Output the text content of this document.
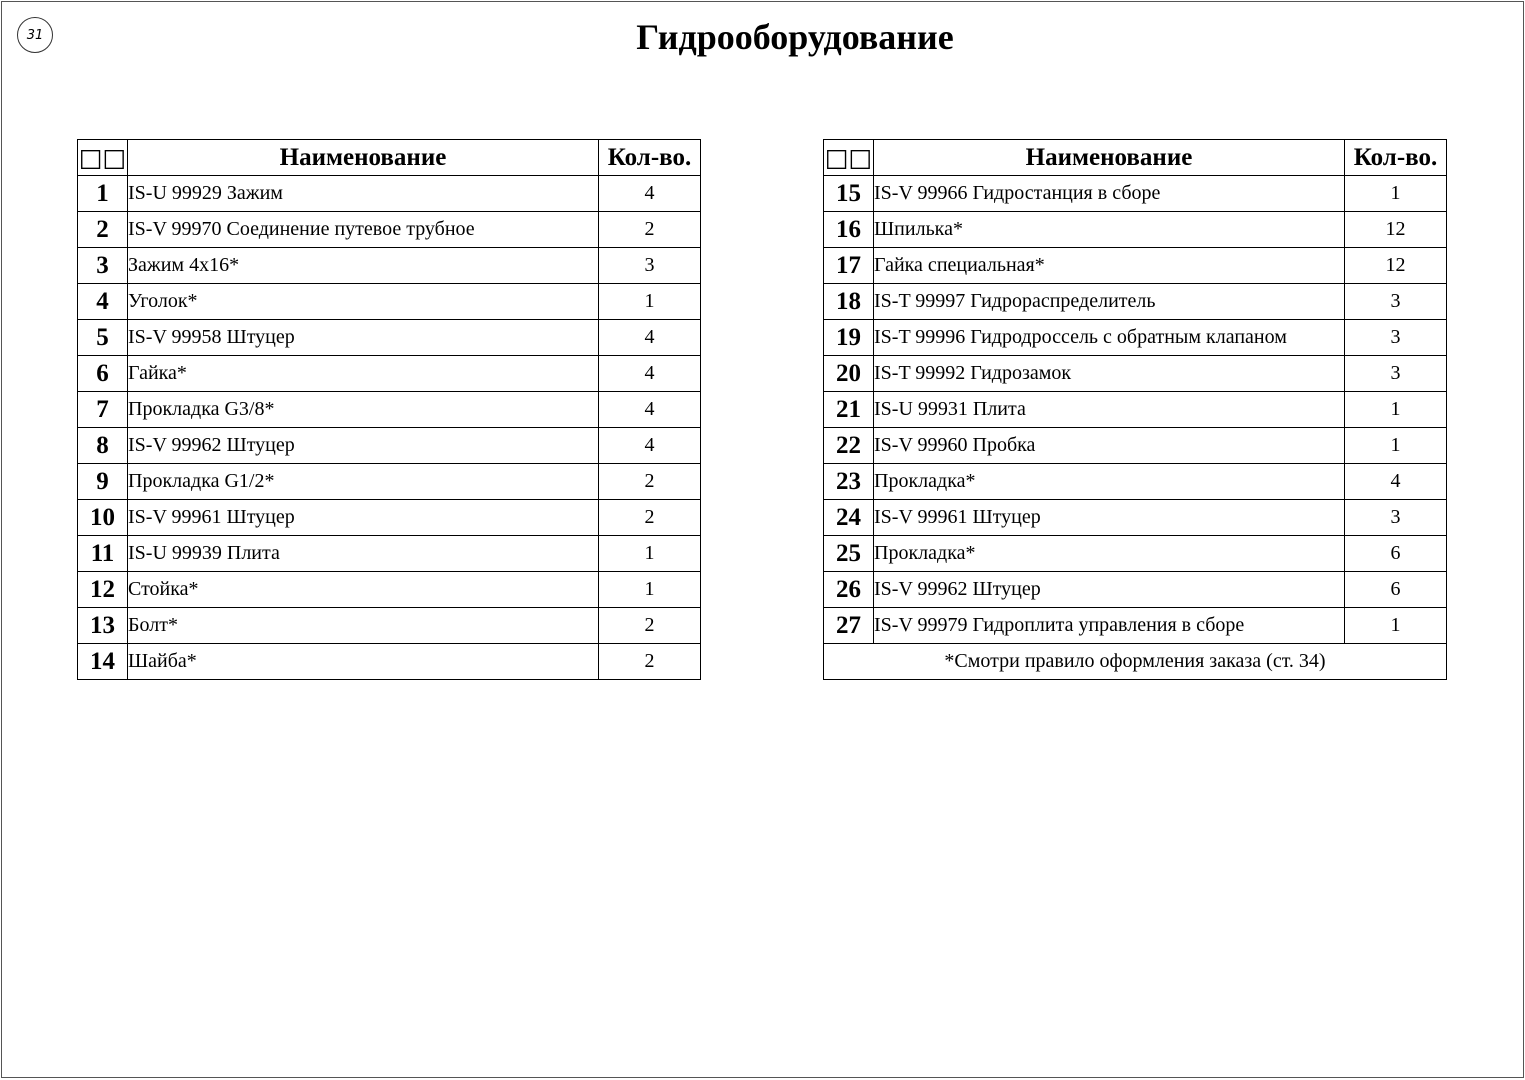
31	Гидрооборудование
□□	Наименование	Кол-во.
1	IS-U 99929 Зажим	4
2	IS-V 99970 Соединение путевое трубное	2
3	Зажим 4x16*	3
4	Уголок*	1
5	IS-V 99958 Штуцер	4
6	Гайка*	4
7	Прокладка G3/8*	4
8	IS-V 99962 Штуцер	4
9	Прокладка G1/2*	2
10	IS-V 99961 Штуцер	2
11	IS-U 99939 Плита	1
12	Стойка*	1
13	Болт*	2
14	Шайба*	2
□□	Наименование	Кол-во.
15	IS-V 99966 Гидростанция в сборе	1
16	Шпилька*	12
17	Гайка специальная*	12
18	IS-T 99997 Гидрораспределитель	3
19	IS-T 99996 Гидродроссель с обратным клапаном	3
20	IS-T 99992 Гидрозамок	3
21	IS-U 99931 Плита	1
22	IS-V 99960 Пробка	1
23	Прокладка*	4
24	IS-V 99961 Штуцер	3
25	Прокладка*	6
26	IS-V 99962 Штуцер	6
27	IS-V 99979 Гидроплита управления в сборе	1
*Смотри правило оформления заказа (ст. 34)		
